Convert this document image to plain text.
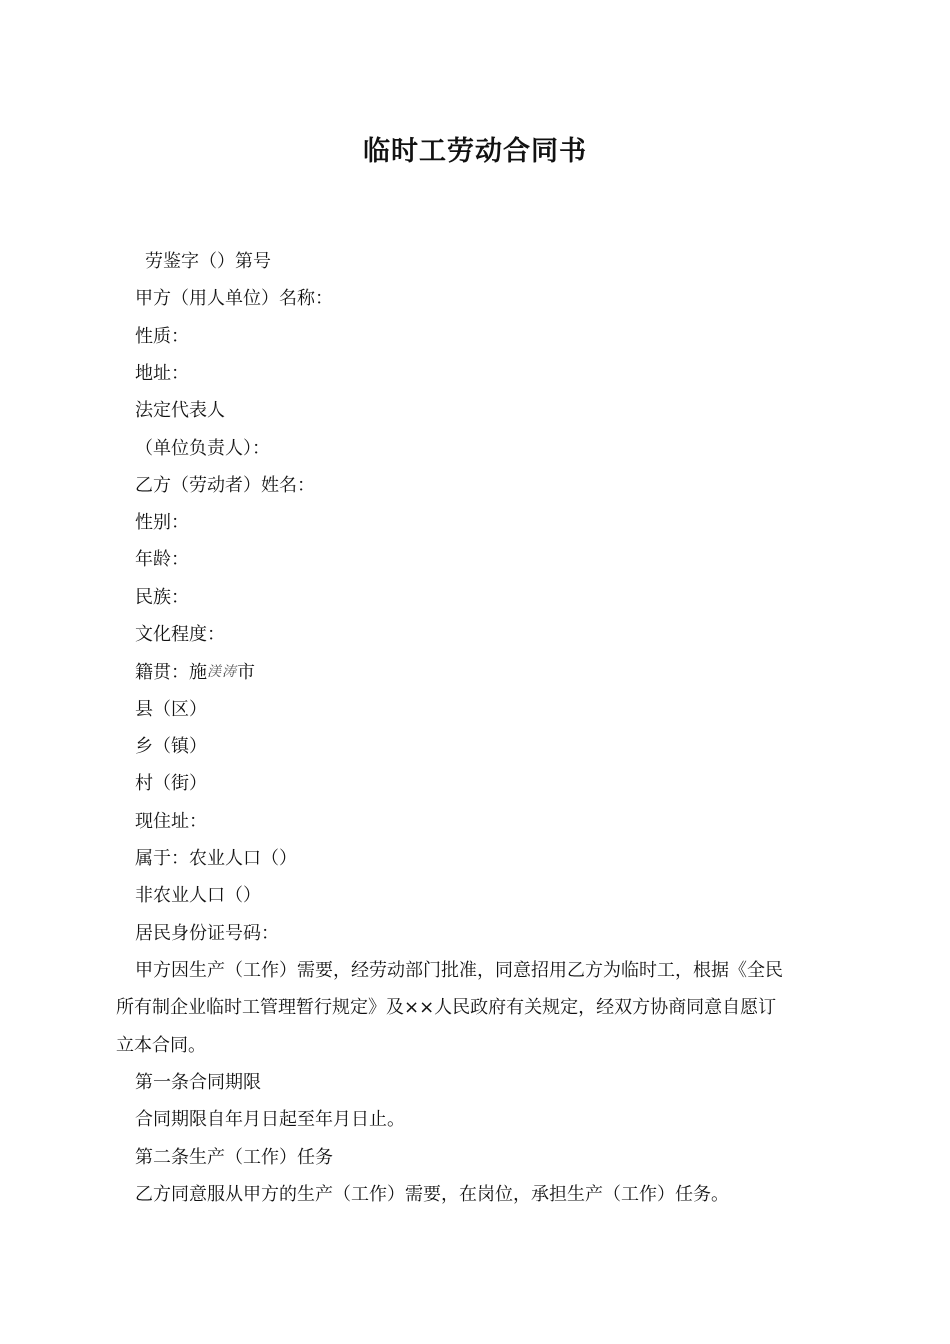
临时工劳动合同书
劳鉴字（）第号
甲方（用人单位）名称：
性质：
地址：
法定代表人
（单位负责人）：
乙方（劳动者）姓名：
性别：
年龄：
民族：
文化程度：
籍贯：施渼涛市
县（区）
乡（镇）
村（街）
现住址：
属于：农业人口（）
非农业人口（）
居民身份证号码：
甲方因生产（工作）需要，经劳动部门批准，同意招用乙方为临时工，根据《全民
所有制企业临时工管理暂行规定》及××人民政府有关规定，经双方协商同意自愿订
立本合同。
第一条合同期限
合同期限自年月日起至年月日止。
第二条生产（工作）任务
乙方同意服从甲方的生产（工作）需要，在岗位，承担生产（工作）任务。
